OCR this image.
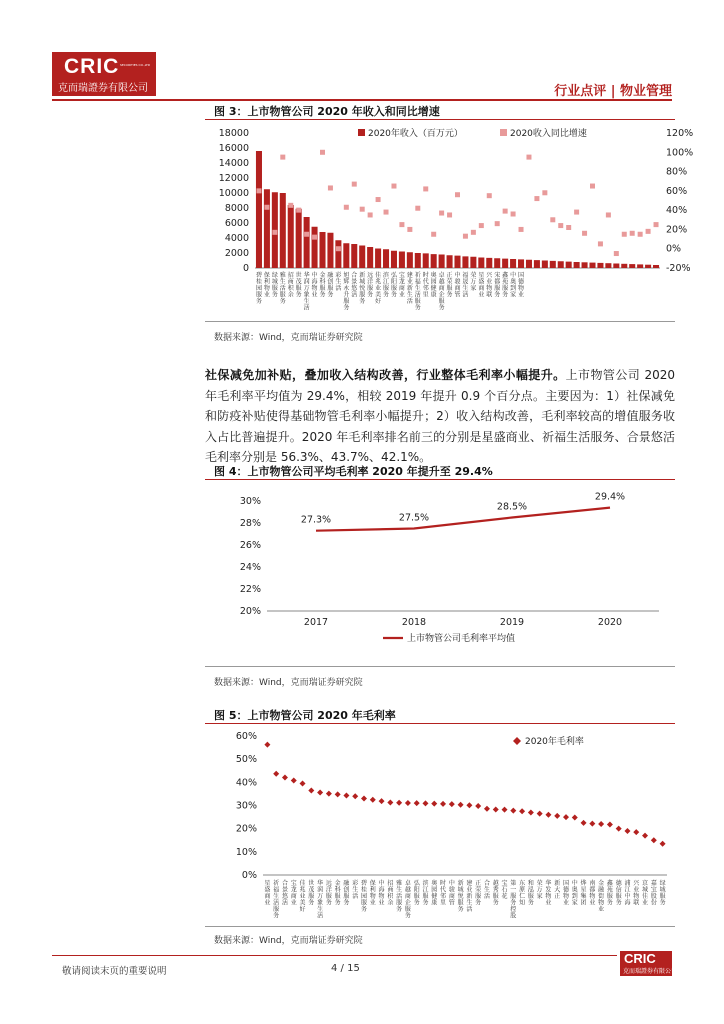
CRIC SECURITIES CO.,LTD
克而瑞證券有限公司	行业点评 | 物业管理
图 3：上市物管公司 2020 年收入和同比增速
0
2000
4000
6000
8000
10000
12000
14000
16000
18000
-20%
0%
20%
40%
60%
80%
100%
120%
碧桂园服务
保利物业
绿城服务
雅生活服务
招商积余
世茂服务
华润万象生活
中海物业
金科服务
融创服务
彩生活
旭辉永升服务
合景悠活
新城悦服务
远洋服务
佳兆业美好
滨江服务
弘阳服务
宝龙商业
建业新生活
祈福生活服务
时代邻里
奥园健康
卓越商企服务
正荣服务
中骏商管
福晟生活
荣万家
星盛商业
兴业物联
宋都服务
鑫苑服务
中奥到家
国德物业
2020年收入（百万元）	2020收入同比增速
数据来源：Wind，克而瑞证券研究院
社保减免加补贴，叠加收入结构改善，行业整体毛利率小幅提升。上市物管公司 2020 年毛利率平均值为 29.4%，相较 2019 年提升 0.9 个百分点。主要因为：1）社保减免和防疫补贴使得基础物管毛利率小幅提升；2）收入结构改善，毛利率较高的增值服务收入占比普遍提升。2020 年毛利率排名前三的分别是星盛商业、祈福生活服务、合景悠活毛利率分别是 56.3%、43.7%、42.1%。
图 4：上市物管公司平均毛利率 2020 年提升至 29.4%
20%
22%
24%
26%
28%
30%
27.3%	27.5%
28.5%
29.4%
2017	2018	2019	2020
上市物管公司毛利率平均值
数据来源：Wind，克而瑞证券研究院
图 5：上市物管公司 2020 年毛利率
0%
10%
20%
30%
40%
50%
60%
星盛商业
祈福生活服务
合景悠活
宝龙商业
佳兆业美好
世茂服务
华润万象生活
远洋服务
金科服务
融创服务
彩生活
碧桂园服务
保利物业
中海物业
招商积余
雅生活服务
卓越商企服务
弘阳服务
滨江服务
奥园健康
时代邻里
中骏商管
新城悦服务
建业新生活
正荣服务
合生活
越秀服务
宝石花
第一服务控股
东原仁知
和泓服务
荣万家
华发物业
新大正
国德物业
中奥到家
烨星集团
南都物业
金融街物业
鑫苑服务
德信服务
浦江中海
兴业物联
京城佳业
嘉宝股份
绿城服务
2020年毛利率
数据来源：Wind，克而瑞证券研究院
敬请阅读末页的重要说明	4 / 15
CRIC
克而瑞證券有限公司
